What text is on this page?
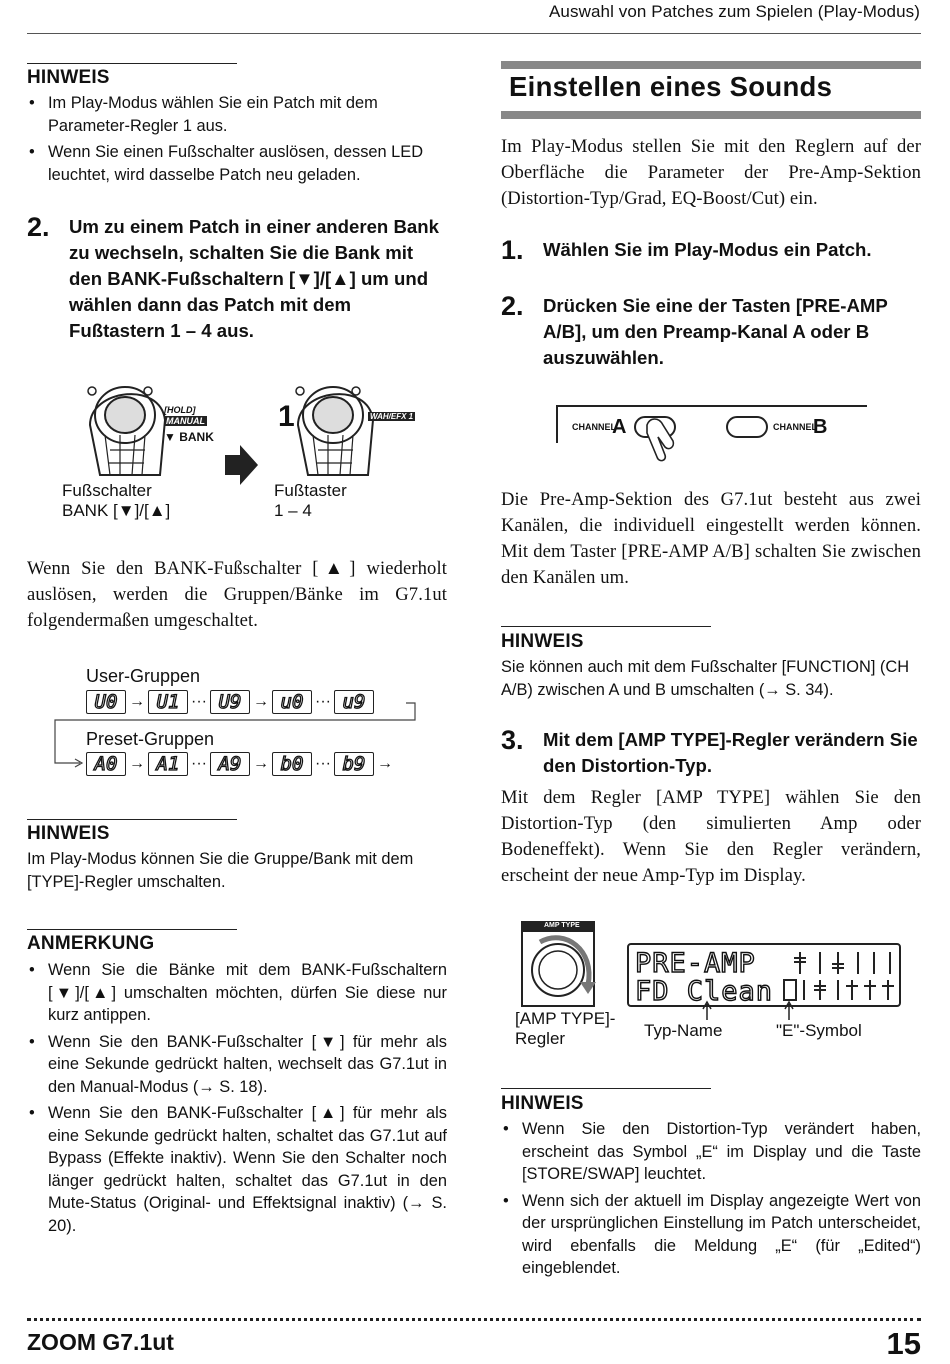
Auswahl von Patches zum Spielen (Play-Modus)
HINWEIS
• Im Play-Modus wählen Sie ein Patch mit dem Parameter-Regler 1 aus.
• Wenn Sie einen Fußschalter auslösen, dessen LED leuchtet, wird dasselbe Patch neu geladen.
2.	Um zu einem Patch in einer anderen Bank zu wechseln, schalten Sie die Bank mit den BANK-Fußschaltern [▼]/[▲] um und wählen dann das Patch mit dem Fußtastern 1 – 4 aus.
[HOLD]
MANUAL
▼ BANK
1	WAH/EFX 1
Fußschalter
BANK [▼]/[▲]
Fußtaster
1 – 4
Wenn Sie den BANK-Fußschalter [▲] wiederholt auslösen, werden die Gruppen/Bänke im G7.1ut folgendermaßen umgeschaltet.
User-Gruppen
U0 → U1 ··· U9 → u0 ··· u9
Preset-Gruppen
A0 → A1 ··· A9 → b0 ··· b9 →
HINWEIS
Im Play-Modus können Sie die Gruppe/Bank mit dem [TYPE]-Regler umschalten.
ANMERKUNG
• Wenn Sie die Bänke mit dem BANK-Fußschaltern [▼]/[▲] umschalten möchten, dürfen Sie diese nur kurz antippen.
• Wenn Sie den BANK-Fußschalter [▼] für mehr als eine Sekunde gedrückt halten, wechselt das G7.1ut in den Manual-Modus (→ S. 18).
• Wenn Sie den BANK-Fußschalter [▲] für mehr als eine Sekunde gedrückt halten, schaltet das G7.1ut auf Bypass (Effekte inaktiv). Wenn Sie den Schalter noch länger gedrückt halten, schaltet das G7.1ut in den Mute-Status (Original- und Effektsignal inaktiv) (→ S. 20).
Einstellen eines Sounds
Im Play-Modus stellen Sie mit den Reglern auf der Oberfläche die Parameter der Pre-Amp-Sektion (Distortion-Typ/Grad, EQ-Boost/Cut) ein.
1.	Wählen Sie im Play-Modus ein Patch.
2.	Drücken Sie eine der Tasten [PRE-AMP A/B], um den Preamp-Kanal A oder B auszuwählen.
CHANNEL
A	CHANNEL
B
Die Pre-Amp-Sektion des G7.1ut besteht aus zwei Kanälen, die individuell eingestellt werden können. Mit dem Taster [PRE-AMP A/B] schalten Sie zwischen den Kanälen um.
HINWEIS
Sie können auch mit dem Fußschalter [FUNCTION] (CH A/B) zwischen A und B umschalten (→ S. 34).
3.	Mit dem [AMP TYPE]-Regler verändern Sie den Distortion-Typ.
Mit dem Regler [AMP TYPE] wählen Sie den Distortion-Typ (den simulierten Amp oder Bodeneffekt). Wenn Sie den Regler verändern, erscheint der neue Amp-Typ im Display.
AMP TYPE
PRE-AMP
FD Clean
[AMP TYPE]-
Regler	Typ-Name	"E"-Symbol
HINWEIS
• Wenn Sie den Distortion-Typ verändert haben, erscheint das Symbol „E“ im Display und die Taste [STORE/SWAP] leuchtet.
• Wenn sich der aktuell im Display angezeigte Wert von der ursprünglichen Einstellung im Patch unterscheidet, wird ebenfalls die Meldung „E“ (für „Edited“) eingeblendet.
ZOOM G7.1ut	15
